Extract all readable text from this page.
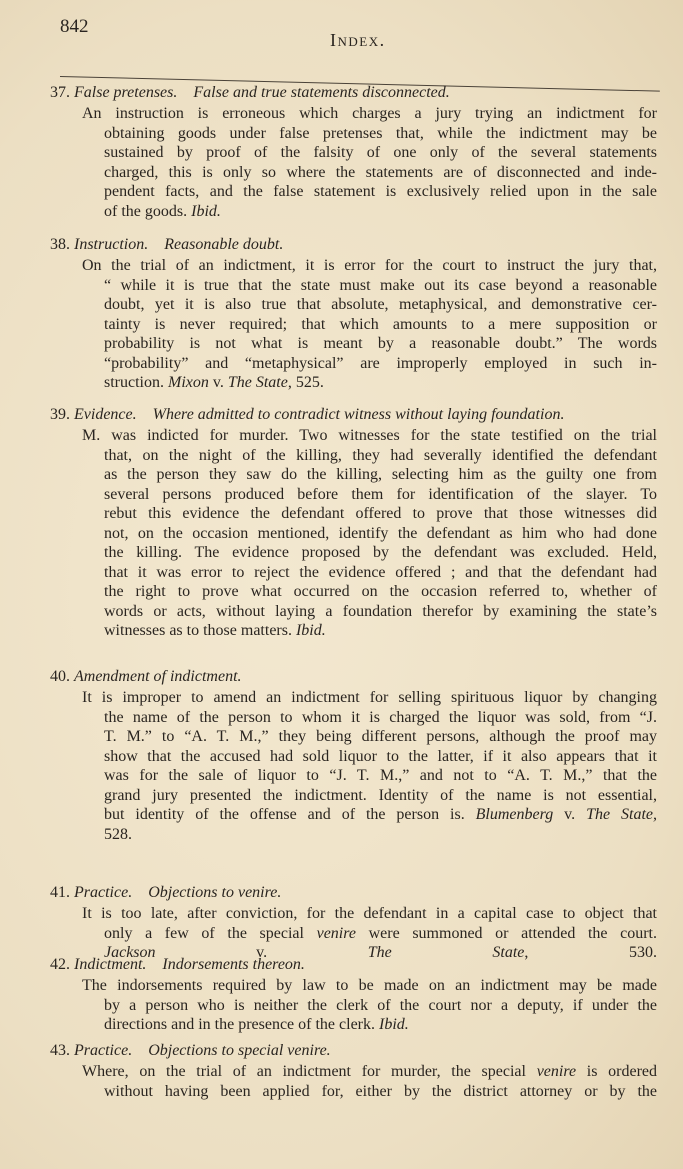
842
Index.
37. False pretenses. False and true statements disconnected.
An instruction is erroneous which charges a jury trying an indictment for
obtaining goods under false pretenses that, while the indictment may be
sustained by proof of the falsity of one only of the several statements
charged, this is only so where the statements are of disconnected and inde-
pendent facts, and the false statement is exclusively relied upon in the sale
of the goods. Ibid.
38. Instruction. Reasonable doubt.
On the trial of an indictment, it is error for the court to instruct the jury that,
“ while it is true that the state must make out its case beyond a reasonable
doubt, yet it is also true that absolute, metaphysical, and demonstrative cer-
tainty is never required; that which amounts to a mere supposition or
probability is not what is meant by a reasonable doubt.” The words
“probability” and “metaphysical” are improperly employed in such in-
struction. Mixon v. The State, 525.
39. Evidence. Where admitted to contradict witness without laying foundation.
M. was indicted for murder. Two witnesses for the state testified on the trial
that, on the night of the killing, they had severally identified the defendant
as the person they saw do the killing, selecting him as the guilty one from
several persons produced before them for identification of the slayer. To
rebut this evidence the defendant offered to prove that those witnesses did
not, on the occasion mentioned, identify the defendant as him who had done
the killing. The evidence proposed by the defendant was excluded. Held,
that it was error to reject the evidence offered ; and that the defendant had
the right to prove what occurred on the occasion referred to, whether of
words or acts, without laying a foundation therefor by examining the state’s
witnesses as to those matters. Ibid.
40. Amendment of indictment.
It is improper to amend an indictment for selling spirituous liquor by changing
the name of the person to whom it is charged the liquor was sold, from “J.
T. M.” to “A. T. M.,” they being different persons, although the proof may
show that the accused had sold liquor to the latter, if it also appears that it
was for the sale of liquor to “J. T. M.,” and not to “A. T. M.,” that the
grand jury presented the indictment. Identity of the name is not essential,
but identity of the offense and of the person is. Blumenberg v. The State,
528.
41. Practice. Objections to venire.
It is too late, after conviction, for the defendant in a capital case to object that
only a few of the special venire were summoned or attended the court.
Jackson v. The State, 530.
42. Indictment. Indorsements thereon.
The indorsements required by law to be made on an indictment may be made
by a person who is neither the clerk of the court nor a deputy, if under the
directions and in the presence of the clerk. Ibid.
43. Practice. Objections to special venire.
Where, on the trial of an indictment for murder, the special venire is ordered
without having been applied for, either by the district attorney or by the
